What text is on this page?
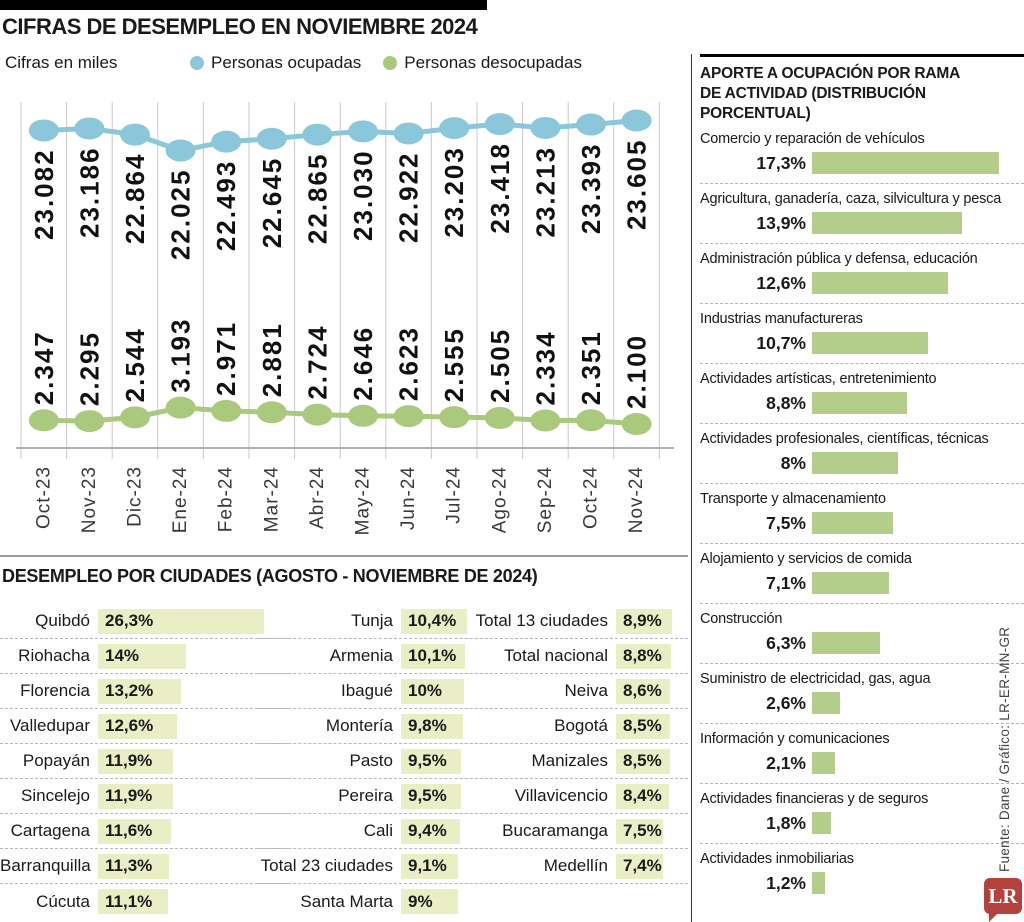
CIFRAS DE DESEMPLEO EN NOVIEMBRE 2024
Cifras en miles	Personas ocupadas	Personas desocupadas
23.082 23.186 22.864 22.025 22.493 22.645 22.865 23.030 22.922 23.203 23.418 23.213 23.393 23.605
2.347 2.295 2.544 3.193 2.971 2.881 2.724 2.646 2.623 2.555 2.505 2.334 2.351 2.100
Oct-23 Nov-23 Dic-23 Ene-24 Feb-24 Mar-24 Abr-24 May-24 Jun-24 Jul-24 Ago-24 Sep-24 Oct-24 Nov-24
DESEMPLEO POR CIUDADES (AGOSTO - NOVIEMBRE DE 2024)
Quibdó 26,3%
Riohacha 14%
Florencia 13,2%
Valledupar 12,6%
Popayán 11,9%
Sincelejo 11,9%
Cartagena 11,6%
Barranquilla 11,3%
Cúcuta 11,1%
Tunja 10,4%
Armenia 10,1%
Ibagué 10%
Montería 9,8%
Pasto 9,5%
Pereira 9,5%
Cali 9,4%
Total 23 ciudades 9,1%
Santa Marta 9%
Total 13 ciudades 8,9%
Total nacional 8,8%
Neiva 8,6%
Bogotá 8,5%
Manizales 8,5%
Villavicencio 8,4%
Bucaramanga 7,5%
Medellín 7,4%
APORTE A OCUPACIÓN POR RAMA
DE ACTIVIDAD (DISTRIBUCIÓN PORCENTUAL)
Comercio y reparación de vehículos
17,3%
Agricultura, ganadería, caza, silvicultura y pesca
13,9%
Administración pública y defensa, educación
12,6%
Industrias manufactureras
10,7%
Actividades artísticas, entretenimiento
8,8%
Actividades profesionales, científicas, técnicas
8%
Transporte y almacenamiento
7,5%
Alojamiento y servicios de comida
7,1%
Construcción
6,3%
Suministro de electricidad, gas, agua
2,6%
Información y comunicaciones
2,1%
Actividades financieras y de seguros
1,8%
Actividades inmobiliarias
1,2%
Fuente: Dane / Gráfico: LR-ER-MN-GR
LR
